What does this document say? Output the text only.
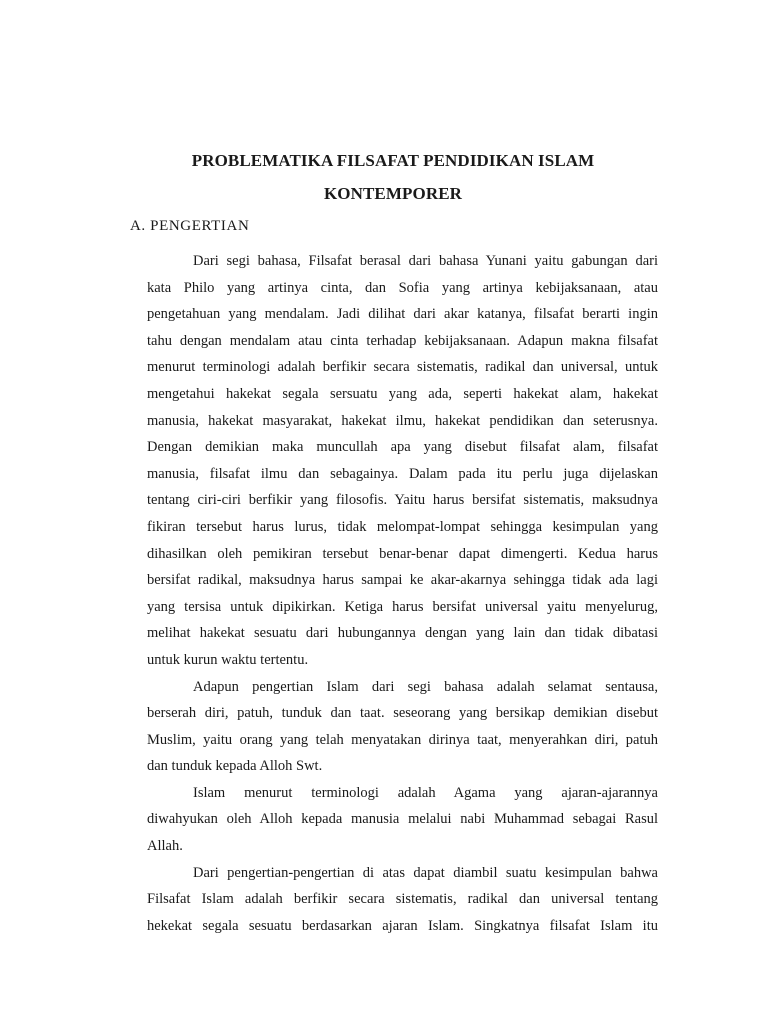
PROBLEMATIKA FILSAFAT PENDIDIKAN ISLAM
KONTEMPORER
A. PENGERTIAN
Dari segi bahasa, Filsafat berasal dari bahasa Yunani yaitu gabungan dari
kata Philo yang artinya cinta, dan Sofia yang artinya kebijaksanaan, atau
pengetahuan yang mendalam. Jadi dilihat dari akar katanya, filsafat berarti ingin
tahu dengan mendalam atau cinta terhadap kebijaksanaan. Adapun makna filsafat
menurut terminologi adalah berfikir secara sistematis, radikal dan universal, untuk
mengetahui hakekat segala sersuatu yang ada, seperti hakekat alam, hakekat
manusia, hakekat masyarakat, hakekat ilmu, hakekat pendidikan dan seterusnya.
Dengan demikian maka muncullah apa yang disebut filsafat alam, filsafat
manusia, filsafat ilmu dan sebagainya. Dalam pada itu perlu juga dijelaskan
tentang ciri-ciri berfikir yang filosofis. Yaitu harus bersifat sistematis, maksudnya
fikiran tersebut harus lurus, tidak melompat-lompat sehingga kesimpulan yang
dihasilkan oleh pemikiran tersebut benar-benar dapat dimengerti. Kedua harus
bersifat radikal, maksudnya harus sampai ke akar-akarnya sehingga tidak ada lagi
yang tersisa untuk dipikirkan. Ketiga harus bersifat universal yaitu menyelurug,
melihat hakekat sesuatu dari hubungannya dengan yang lain dan tidak dibatasi
untuk kurun waktu tertentu.
Adapun pengertian Islam dari segi bahasa adalah selamat sentausa,
berserah diri, patuh, tunduk dan taat. seseorang yang bersikap demikian disebut
Muslim, yaitu orang yang telah menyatakan dirinya taat, menyerahkan diri, patuh
dan tunduk kepada Alloh Swt.
Islam menurut terminologi adalah Agama yang ajaran-ajarannya
diwahyukan oleh Alloh kepada manusia melalui nabi Muhammad sebagai Rasul
Allah.
Dari pengertian-pengertian di atas dapat diambil suatu kesimpulan bahwa
Filsafat Islam adalah berfikir secara sistematis, radikal dan universal tentang
hekekat segala sesuatu berdasarkan ajaran Islam. Singkatnya filsafat Islam itu
